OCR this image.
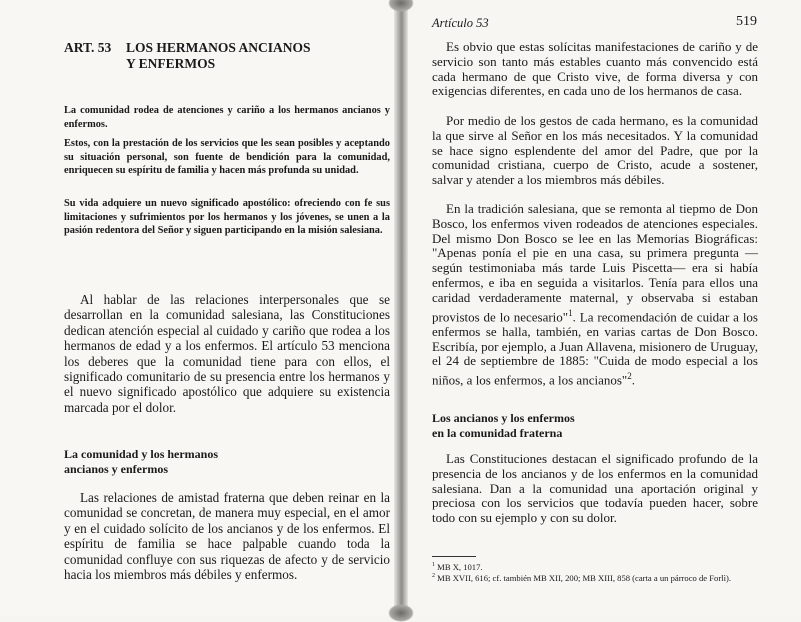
ART. 53 LOS HERMANOS ANCIANOS
Y ENFERMOS

La comunidad rodea de atenciones y cariño a los hermanos ancianos y enfermos.

Estos, con la prestación de los servicios que les sean posibles y aceptando su situación personal, son fuente de bendición para la comunidad, enriquecen su espíritu de familia y hacen más profunda su unidad.

Su vida adquiere un nuevo significado apostólico: ofreciendo con fe sus limitaciones y sufrimientos por los hermanos y los jóvenes, se unen a la pasión redentora del Señor y siguen participando en la misión salesiana.

Al hablar de las relaciones interpersonales que se desarrollan en la comunidad salesiana, las Constituciones dedican atención especial al cuidado y cariño que rodea a los hermanos de edad y a los enfermos. El artículo 53 menciona los deberes que la comunidad tiene para con ellos, el significado comunitario de su presencia entre los hermanos y el nuevo significado apostólico que adquiere su existencia marcada por el dolor.

La comunidad y los hermanos
ancianos y enfermos

Las relaciones de amistad fraterna que deben reinar en la comunidad se concretan, de manera muy especial, en el amor y en el cuidado solícito de los ancianos y de los enfermos. El espíritu de familia se hace palpable cuando toda la comunidad confluye con sus riquezas de afecto y de servicio hacia los miembros más débiles y enfermos.

Artículo 53	519

Es obvio que estas solícitas manifestaciones de cariño y de servicio son tanto más estables cuanto más convencido está cada hermano de que Cristo vive, de forma diversa y con exigencias diferentes, en cada uno de los hermanos de casa.

Por medio de los gestos de cada hermano, es la comunidad la que sirve al Señor en los más necesitados. Y la comunidad se hace signo esplendente del amor del Padre, que por la comunidad cristiana, cuerpo de Cristo, acude a sostener, salvar y atender a los miembros más débiles.

En la tradición salesiana, que se remonta al tiepmo de Don Bosco, los enfermos viven rodeados de atenciones especiales. Del mismo Don Bosco se lee en las Memorias Biográficas: "Apenas ponía el pie en una casa, su primera pregunta —según testimoniaba más tarde Luis Piscetta— era si había enfermos, e iba en seguida a visitarlos. Tenía para ellos una caridad verdaderamente maternal, y observaba si estaban provistos de lo necesario"$^1$. La recomendación de cuidar a los enfermos se halla, también, en varias cartas de Don Bosco. Escribía, por ejemplo, a Juan Allavena, misionero de Uruguay, el 24 de septiembre de 1885: "Cuida de modo especial a los niños, a los enfermos, a los ancianos"$^2$.

Los ancianos y los enfermos
en la comunidad fraterna

Las Constituciones destacan el significado profundo de la presencia de los ancianos y de los enfermos en la comunidad salesiana. Dan a la comunidad una aportación original y preciosa con los servicios que todavía pueden hacer, sobre todo con su ejemplo y con su dolor.

$^1$ MB X, 1017.

$^2$ MB XVII, 616; cf. también MB XII, 200; MB XIII, 858 (carta a un párroco de Forlì).
